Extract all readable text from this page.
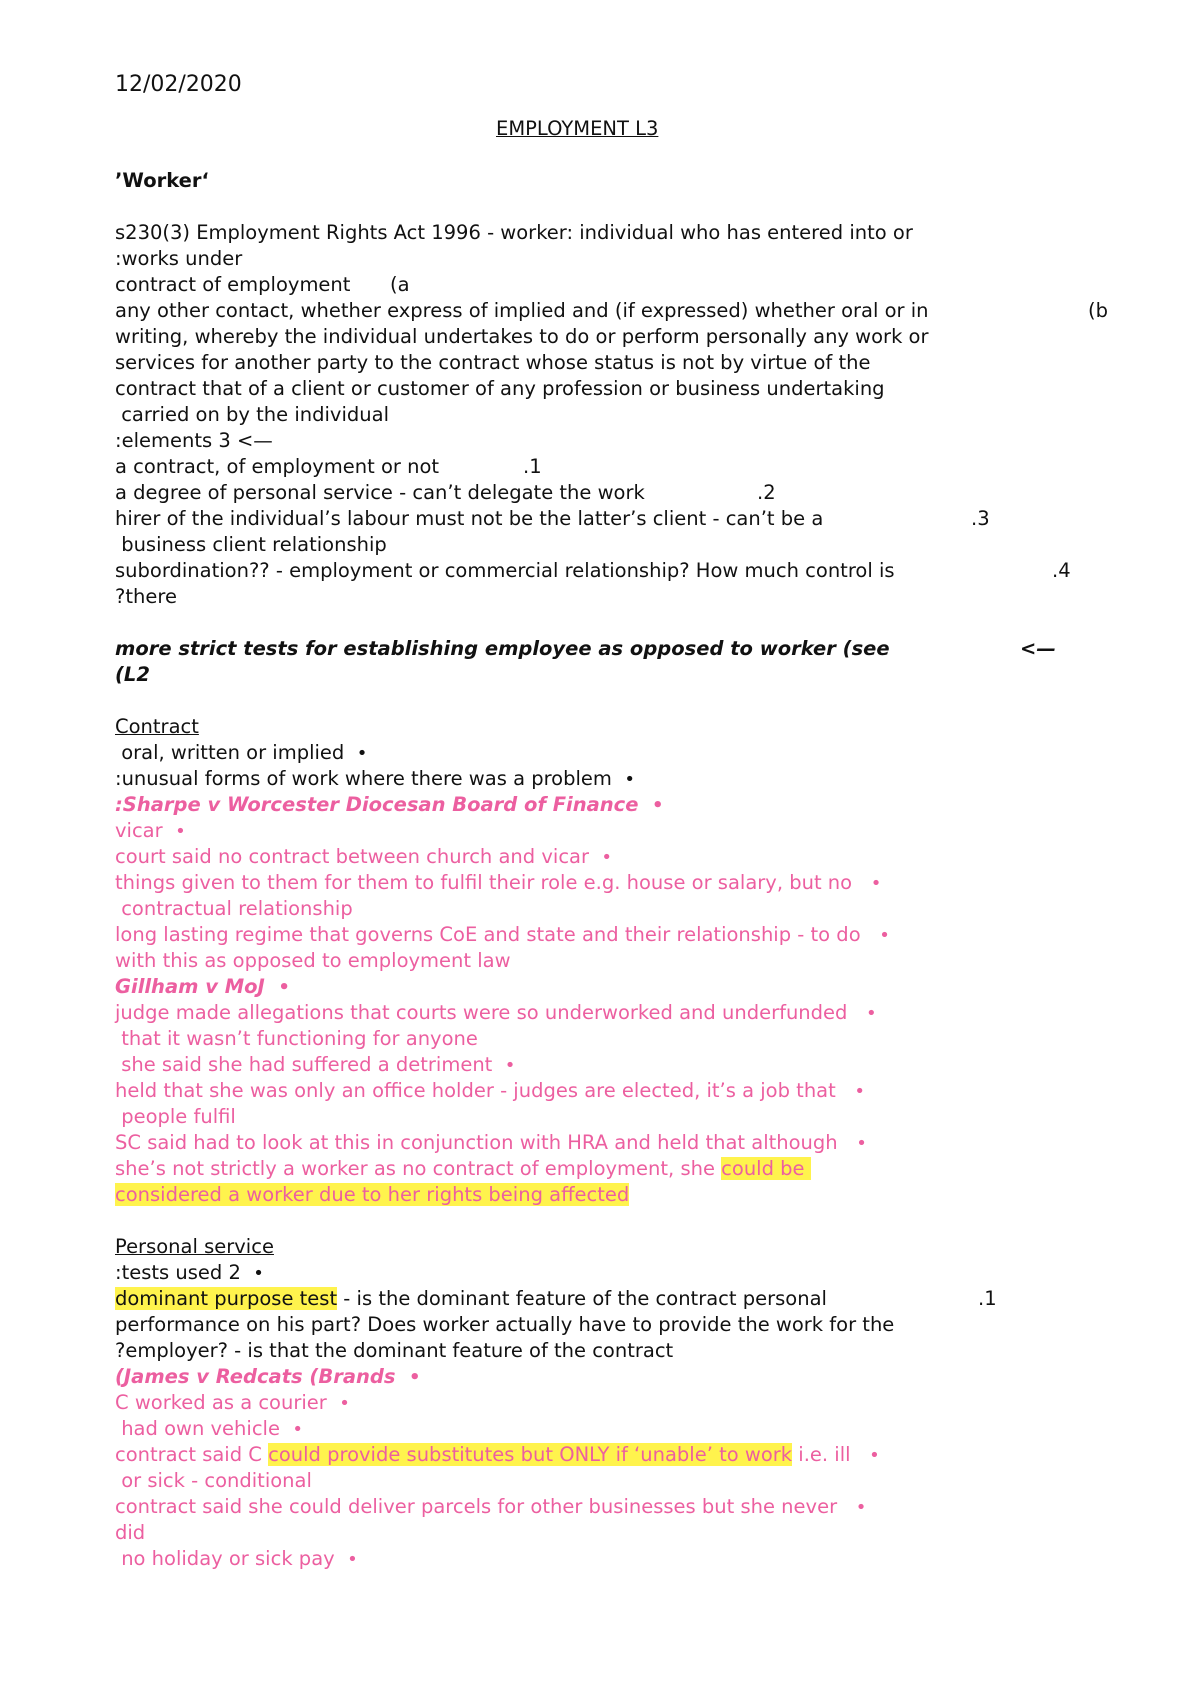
12/02/2020
EMPLOYMENT L3
’Worker‘
s230(3) Employment Rights Act 1996 - worker: individual who has entered into or
:works under
contract of employment (a
any other contact, whether express of implied and (if expressed) whether oral or in	(b
writing, whereby the individual undertakes to do or perform personally any work or
services for another party to the contract whose status is not by virtue of the
contract that of a client or customer of any profession or business undertaking
carried on by the individual
:elements 3 <—
a contract, of employment or not	.1
a degree of personal service - can’t delegate the work	.2
hirer of the individual’s labour must not be the latter’s client - can’t be a	.3
business client relationship
subordination?? - employment or commercial relationship? How much control is	.4
?there
more strict tests for establishing employee as opposed to worker (see	<—
(L2
Contract
oral, written or implied •
:unusual forms of work where there was a problem •
:Sharpe v Worcester Diocesan Board of Finance •
vicar •
court said no contract between church and vicar •
things given to them for them to fulfil their role e.g. house or salary, but no •
contractual relationship
long lasting regime that governs CoE and state and their relationship - to do •
with this as opposed to employment law
Gillham v MoJ •
judge made allegations that courts were so underworked and underfunded •
that it wasn’t functioning for anyone
she said she had suffered a detriment •
held that she was only an office holder - judges are elected, it’s a job that •
people fulfil
SC said had to look at this in conjunction with HRA and held that although •
she’s not strictly a worker as no contract of employment, she could be
considered a worker due to her rights being affected
Personal service
:tests used 2 •
dominant purpose test - is the dominant feature of the contract personal	.1
performance on his part? Does worker actually have to provide the work for the
?employer? - is that the dominant feature of the contract
(James v Redcats (Brands •
C worked as a courier •
had own vehicle •
contract said C could provide substitutes but ONLY if ‘unable’ to work i.e. ill •
or sick - conditional
contract said she could deliver parcels for other businesses but she never •
did
no holiday or sick pay •
